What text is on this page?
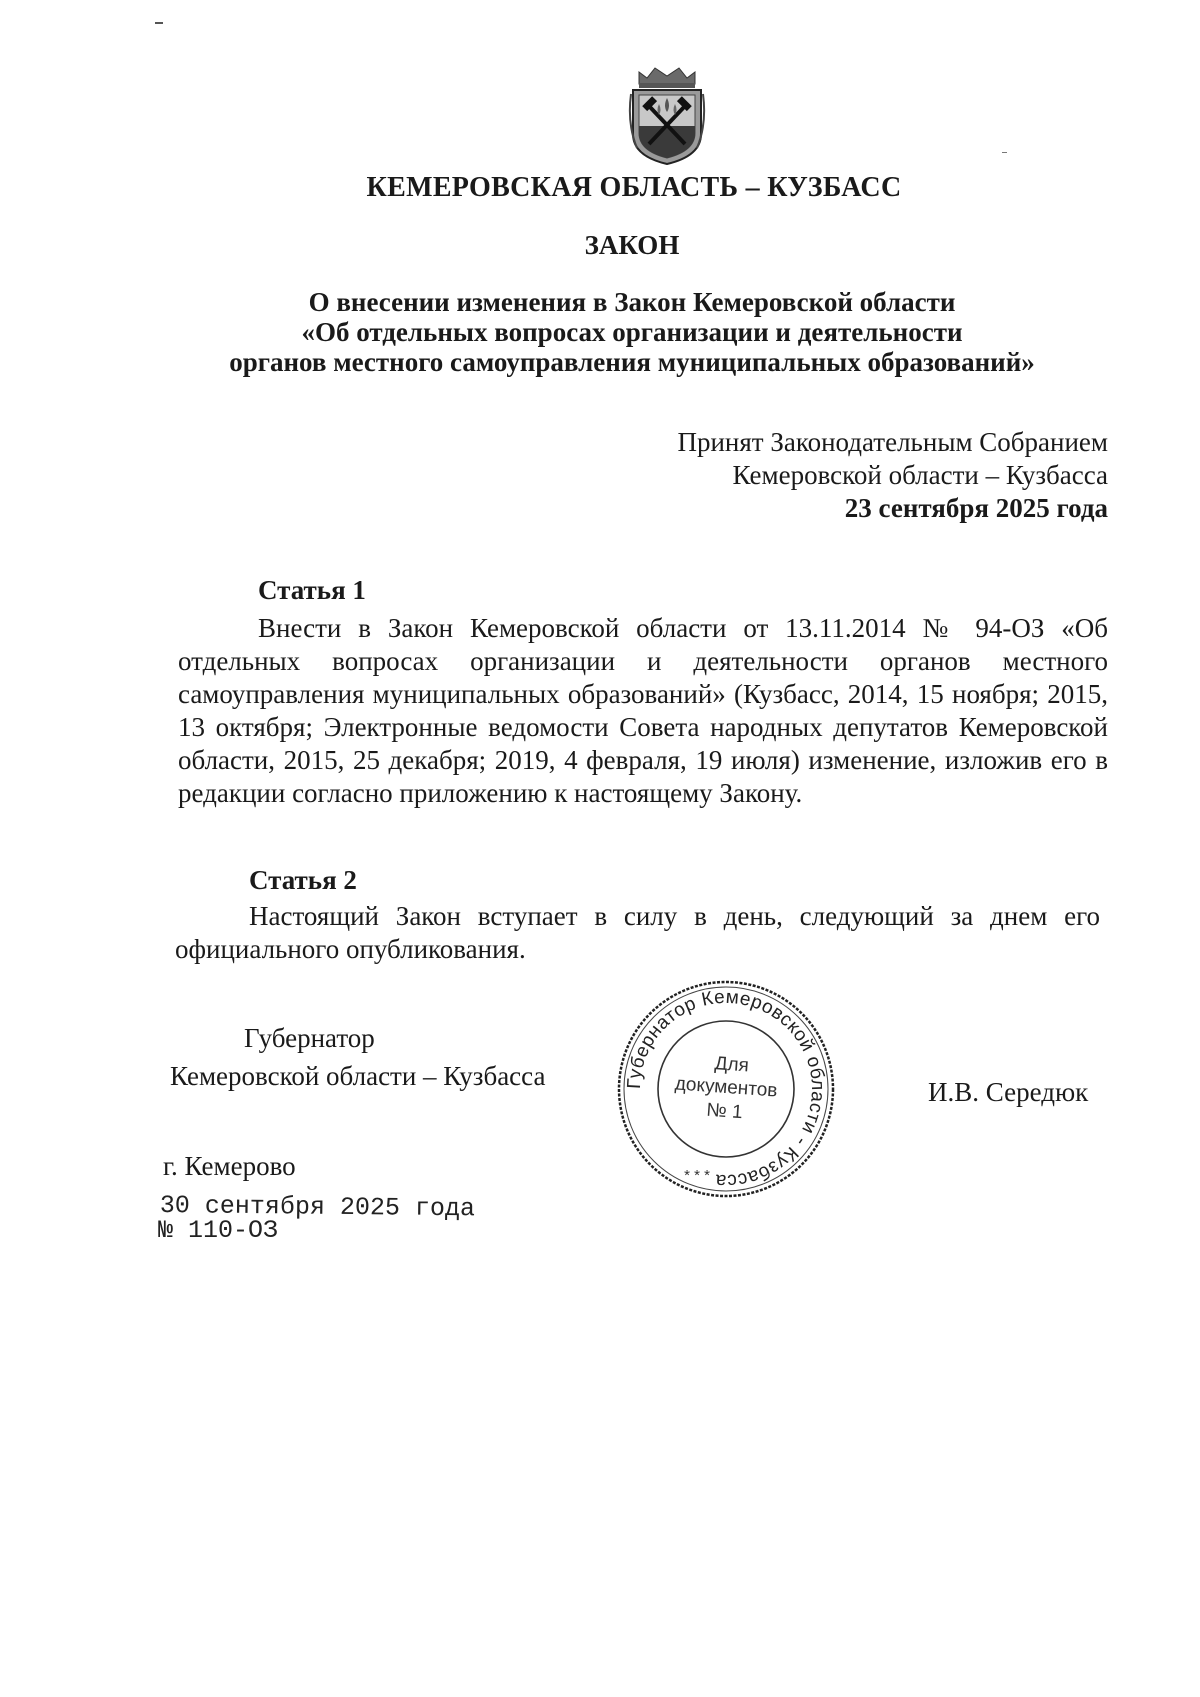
КЕМЕРОВСКАЯ ОБЛАСТЬ – КУЗБАСС
ЗАКОН
О внесении изменения в Закон Кемеровской области
«Об отдельных вопросах организации и деятельности
органов местного самоуправления муниципальных образований»
Принят Законодательным Собранием
Кемеровской области – Кузбасса
23 сентября 2025 года
Статья 1
Внести в Закон Кемеровской области от 13.11.2014 № 94-ОЗ «Об отдельных вопросах организации и деятельности органов местного самоуправления муниципальных образований» (Кузбасс, 2014, 15 ноября; 2015, 13 октября; Электронные ведомости Совета народных депутатов Кемеровской области, 2015, 25 декабря; 2019, 4 февраля, 19 июля) изменение, изложив его в редакции согласно приложению к настоящему Закону.
Статья 2
Настоящий Закон вступает в силу в день, следующий за днем его официального опубликования.
Губернатор
Кемеровской области – Кузбасса
И.В. Середюк
Губернатор Кемеровской области - Кузбасса
Для
документов
№ 1
* * *
г. Кемерово
30 сентября 2025 года
№ 110-ОЗ
